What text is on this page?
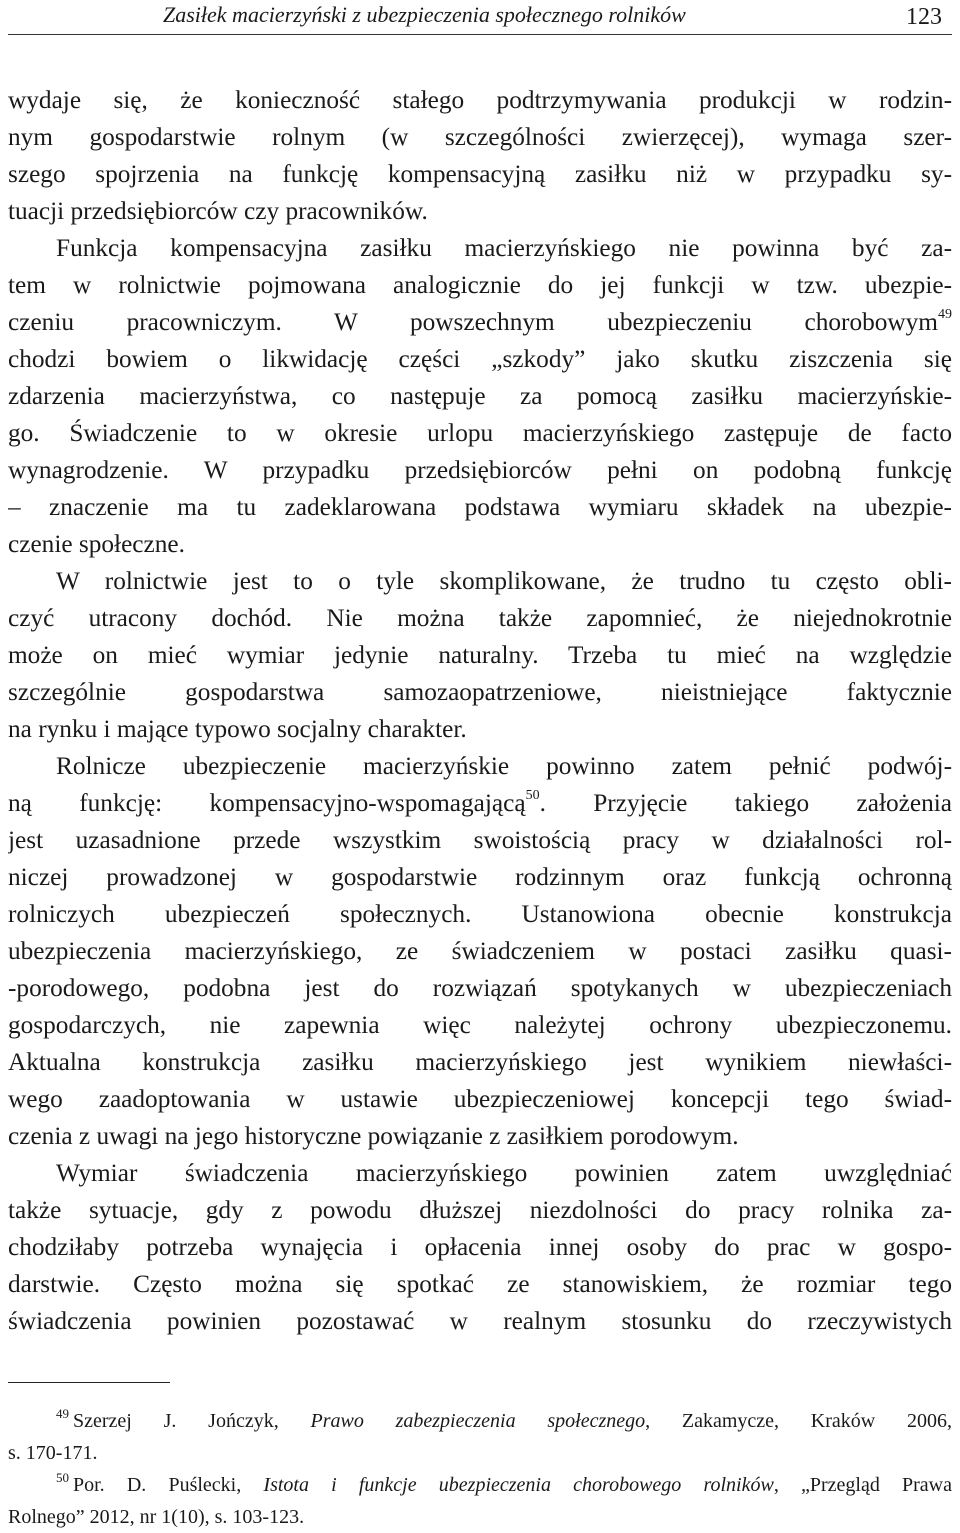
Zasiłek macierzyński z ubezpieczenia społecznego rolników	123
wydaje się, że konieczność stałego podtrzymywania produkcji w rodzin-
nym gospodarstwie rolnym (w szczególności zwierzęcej), wymaga szer-
szego spojrzenia na funkcję kompensacyjną zasiłku niż w przypadku sy-
tuacji przedsiębiorców czy pracowników.
Funkcja kompensacyjna zasiłku macierzyńskiego nie powinna być za-
tem w rolnictwie pojmowana analogicznie do jej funkcji w tzw. ubezpie-
czeniu pracowniczym. W powszechnym ubezpieczeniu chorobowym$^{49}$
chodzi bowiem o likwidację części „szkody” jako skutku ziszczenia się
zdarzenia macierzyństwa, co następuje za pomocą zasiłku macierzyńskie-
go. Świadczenie to w okresie urlopu macierzyńskiego zastępuje de facto
wynagrodzenie. W przypadku przedsiębiorców pełni on podobną funkcję
– znaczenie ma tu zadeklarowana podstawa wymiaru składek na ubezpie-
czenie społeczne.
W rolnictwie jest to o tyle skomplikowane, że trudno tu często obli-
czyć utracony dochód. Nie można także zapomnieć, że niejednokrotnie
może on mieć wymiar jedynie naturalny. Trzeba tu mieć na względzie
szczególnie gospodarstwa samozaopatrzeniowe, nieistniejące faktycznie
na rynku i mające typowo socjalny charakter.
Rolnicze ubezpieczenie macierzyńskie powinno zatem pełnić podwój-
ną funkcję: kompensacyjno-wspomagającą$^{50}$. Przyjęcie takiego założenia
jest uzasadnione przede wszystkim swoistością pracy w działalności rol-
niczej prowadzonej w gospodarstwie rodzinnym oraz funkcją ochronną
rolniczych ubezpieczeń społecznych. Ustanowiona obecnie konstrukcja
ubezpieczenia macierzyńskiego, ze świadczeniem w postaci zasiłku quasi-
-porodowego, podobna jest do rozwiązań spotykanych w ubezpieczeniach
gospodarczych, nie zapewnia więc należytej ochrony ubezpieczonemu.
Aktualna konstrukcja zasiłku macierzyńskiego jest wynikiem niewłaści-
wego zaadoptowania w ustawie ubezpieczeniowej koncepcji tego świad-
czenia z uwagi na jego historyczne powiązanie z zasiłkiem porodowym.
Wymiar świadczenia macierzyńskiego powinien zatem uwzględniać
także sytuacje, gdy z powodu dłuższej niezdolności do pracy rolnika za-
chodziłaby potrzeba wynajęcia i opłacenia innej osoby do prac w gospo-
darstwie. Często można się spotkać ze stanowiskiem, że rozmiar tego
świadczenia powinien pozostawać w realnym stosunku do rzeczywistych
$^{49}$ Szerzej J. Jończyk, Prawo zabezpieczenia społecznego, Zakamycze, Kraków 2006,
s. 170-171.
$^{50}$ Por. D. Puślecki, Istota i funkcje ubezpieczenia chorobowego rolników, „Przegląd Prawa
Rolnego” 2012, nr 1(10), s. 103-123.
